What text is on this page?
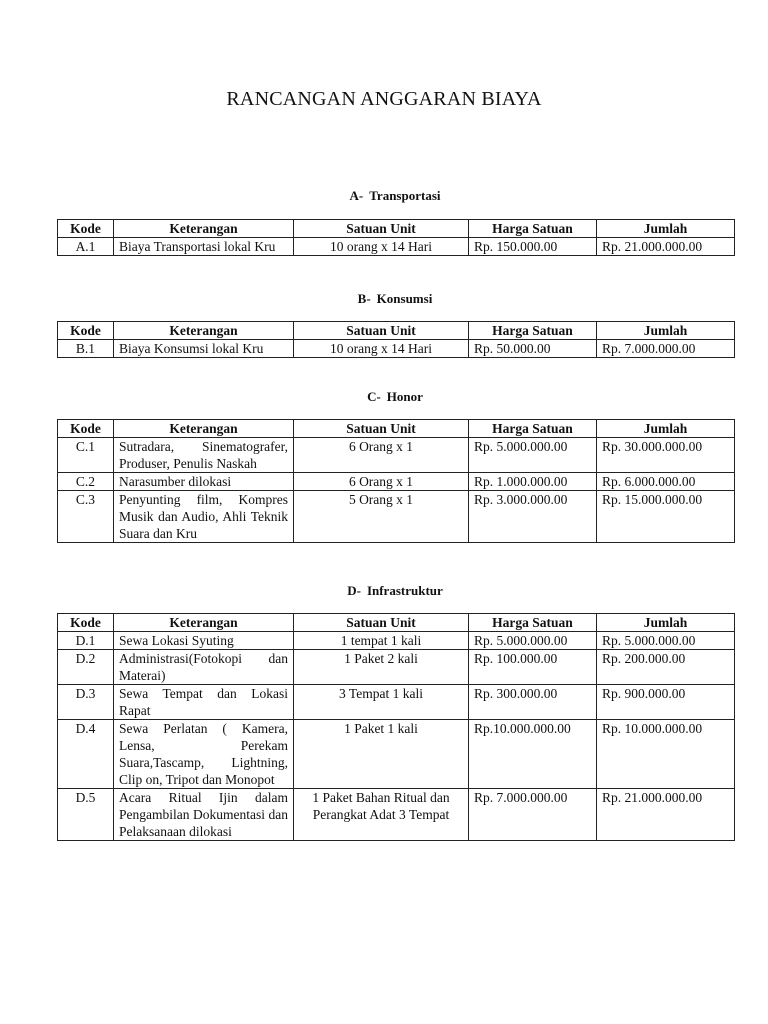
RANCANGAN ANGGARAN BIAYA
A- Transportasi
Kode	Keterangan	Satuan Unit	Harga Satuan	Jumlah
A.1	Biaya Transportasi lokal Kru	10 orang x 14 Hari	Rp. 150.000.00	Rp. 21.000.000.00
B- Konsumsi
Kode	Keterangan	Satuan Unit	Harga Satuan	Jumlah
B.1	Biaya Konsumsi lokal Kru	10 orang x 14 Hari	Rp. 50.000.00	Rp. 7.000.000.00
C- Honor
Kode	Keterangan	Satuan Unit	Harga Satuan	Jumlah
C.1	Sutradara, Sinematografer, Produser, Penulis Naskah	6 Orang x 1	Rp. 5.000.000.00	Rp. 30.000.000.00
C.2	Narasumber dilokasi	6 Orang x 1	Rp. 1.000.000.00	Rp. 6.000.000.00
C.3	Penyunting film, Kompres Musik dan Audio, Ahli Teknik Suara dan Kru	5 Orang x 1	Rp. 3.000.000.00	Rp. 15.000.000.00
D- Infrastruktur
Kode	Keterangan	Satuan Unit	Harga Satuan	Jumlah
D.1	Sewa Lokasi Syuting	1 tempat 1 kali	Rp. 5.000.000.00	Rp. 5.000.000.00
D.2	Administrasi(Fotokopi dan Materai)	1 Paket 2 kali	Rp. 100.000.00	Rp. 200.000.00
D.3	Sewa Tempat dan Lokasi Rapat	3 Tempat 1 kali	Rp. 300.000.00	Rp. 900.000.00
D.4	Sewa Perlatan ( Kamera, Lensa, Perekam Suara,Tascamp, Lightning, Clip on, Tripot dan Monopot	1 Paket 1 kali	Rp.10.000.000.00	Rp. 10.000.000.00
D.5	Acara Ritual Ijin dalam Pengambilan Dokumentasi dan Pelaksanaan dilokasi	1 Paket Bahan Ritual dan Perangkat Adat 3 Tempat	Rp. 7.000.000.00	Rp. 21.000.000.00
